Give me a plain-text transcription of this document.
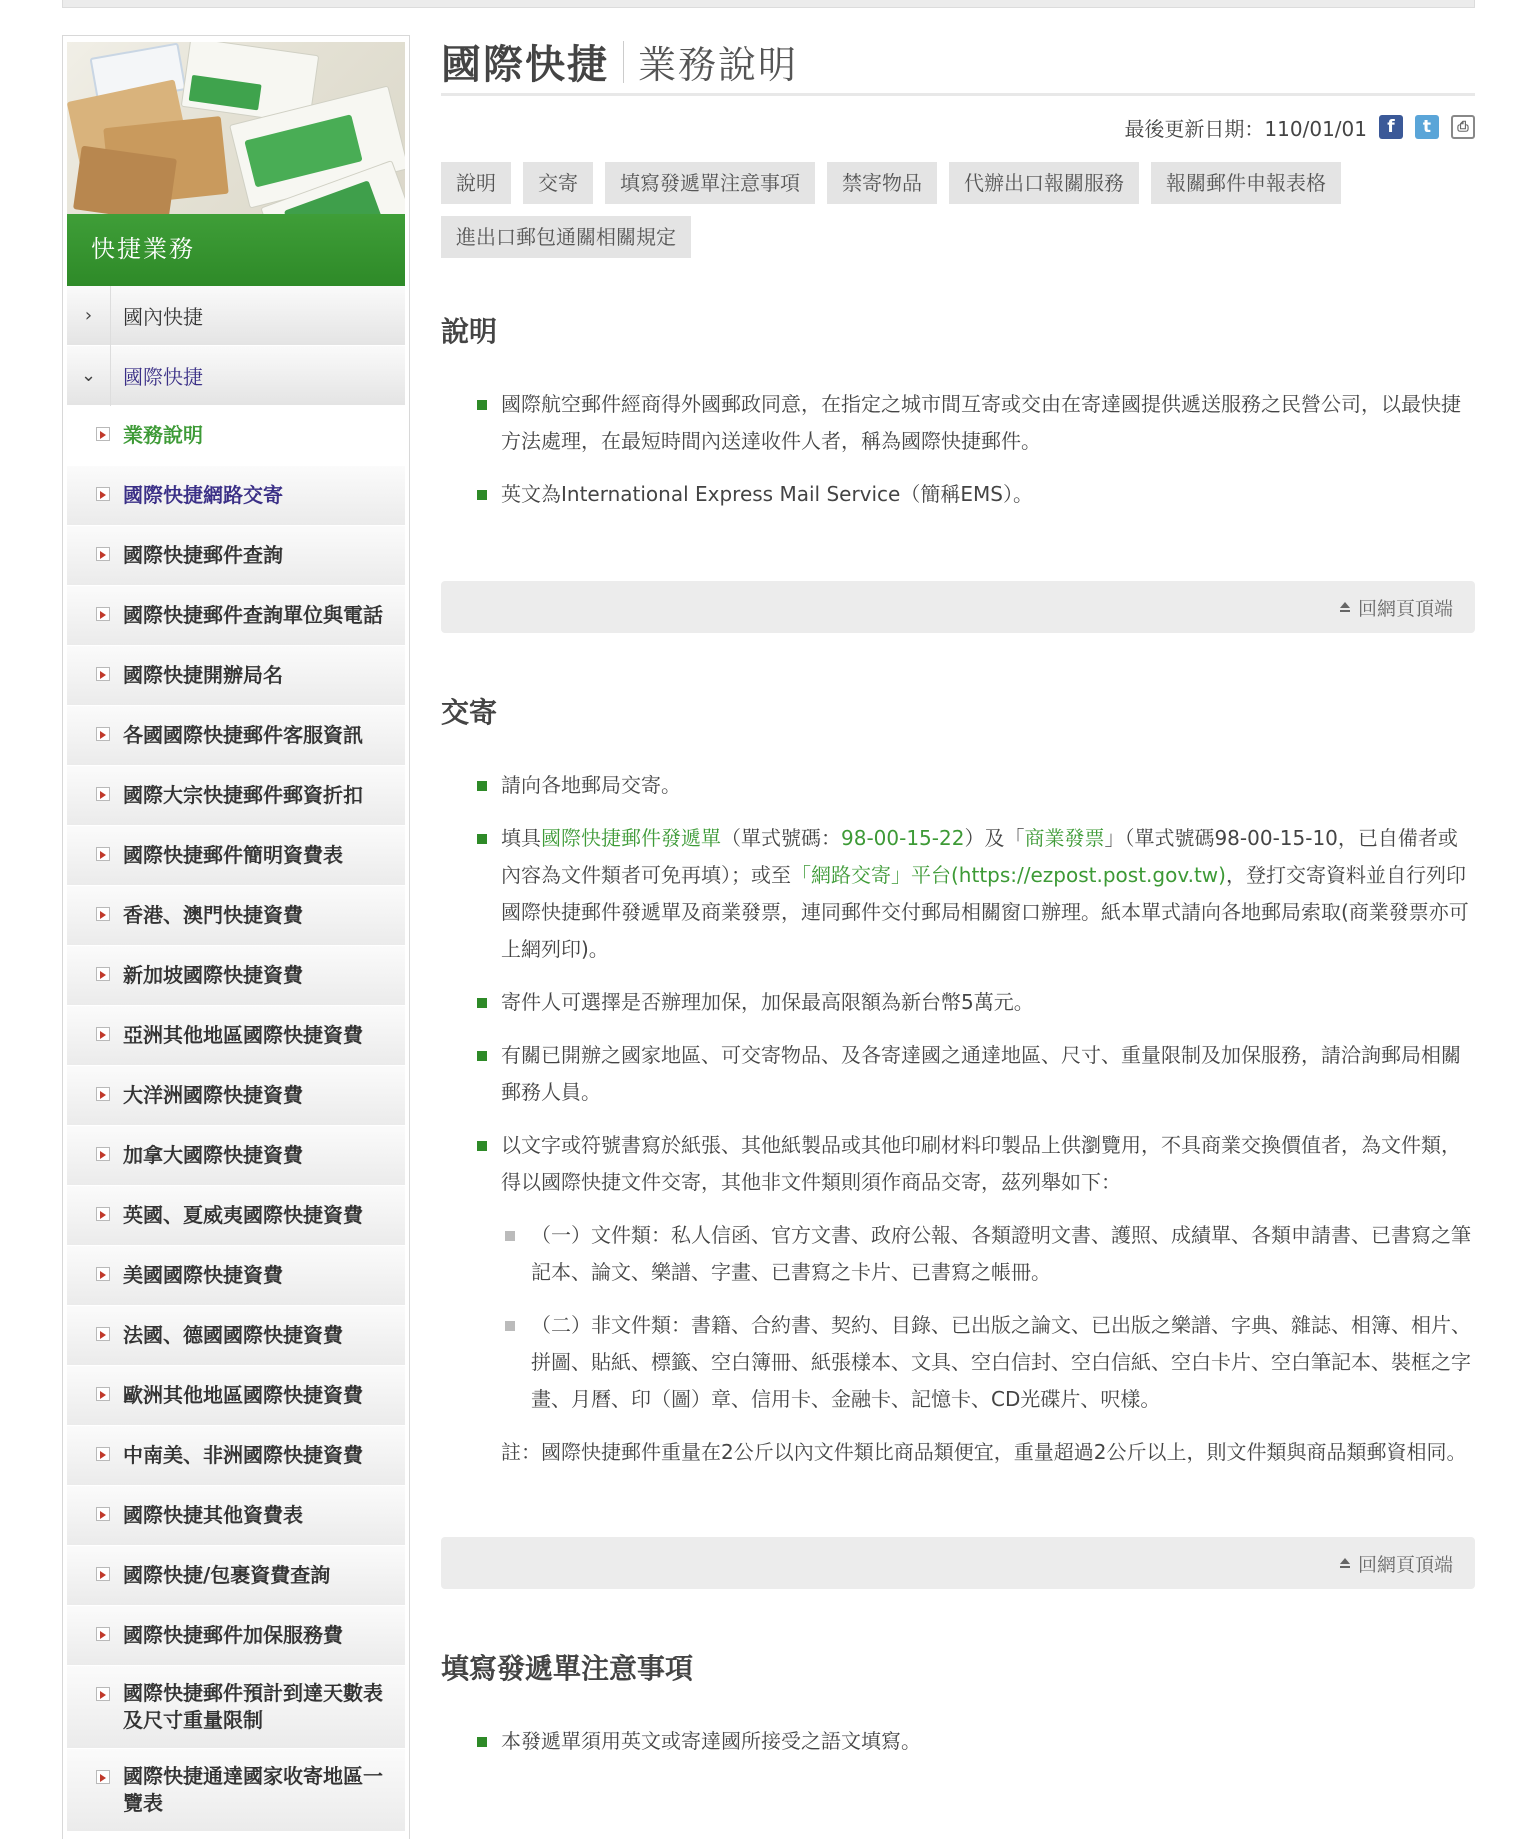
快捷業務
›	國內快捷
⌄	國際快捷
業務說明
國際快捷網路交寄
國際快捷郵件查詢
國際快捷郵件查詢單位與電話
國際快捷開辦局名
各國國際快捷郵件客服資訊
國際大宗快捷郵件郵資折扣
國際快捷郵件簡明資費表
香港、澳門快捷資費
新加坡國際快捷資費
亞洲其他地區國際快捷資費
大洋洲國際快捷資費
加拿大國際快捷資費
英國、夏威夷國際快捷資費
美國國際快捷資費
法國、德國國際快捷資費
歐洲其他地區國際快捷資費
中南美、非洲國際快捷資費
國際快捷其他資費表
國際快捷/包裹資費查詢
國際快捷郵件加保服務費
國際快捷郵件預計到達天數表及尺寸重量限制
國際快捷通達國家收寄地區一覽表
國際快捷 業務說明
最後更新日期：110/01/01	f	t	⎙
說明	交寄	填寫發遞單注意事項	禁寄物品	代辦出口報關服務	報關郵件申報表格
進出口郵包通關相關規定
說明
國際航空郵件經商得外國郵政同意，在指定之城市間互寄或交由在寄達國提供遞送服務之民營公司，以最快捷方法處理，在最短時間內送達收件人者，稱為國際快捷郵件。
英文為International Express Mail Service（簡稱EMS）。
回網頁頂端
交寄
請向各地郵局交寄。
填具國際快捷郵件發遞單（單式號碼：98-00-15-22）及「商業發票」（單式號碼98-00-15-10，已自備者或內容為文件類者可免再填）；或至「網路交寄」平台(https://ezpost.post.gov.tw)，登打交寄資料並自行列印國際快捷郵件發遞單及商業發票，連同郵件交付郵局相關窗口辦理。紙本單式請向各地郵局索取(商業發票亦可上網列印)。
寄件人可選擇是否辦理加保，加保最高限額為新台幣5萬元。
有關已開辦之國家地區、可交寄物品、及各寄達國之通達地區、尺寸、重量限制及加保服務，請洽詢郵局相關郵務人員。
以文字或符號書寫於紙張、其他紙製品或其他印刷材料印製品上供瀏覽用，不具商業交換價值者，為文件類，得以國際快捷文件交寄，其他非文件類則須作商品交寄，茲列舉如下：
（一）文件類：私人信函、官方文書、政府公報、各類證明文書、護照、成績單、各類申請書、已書寫之筆記本、論文、樂譜、字畫、已書寫之卡片、已書寫之帳冊。
（二）非文件類：書籍、合約書、契約、目錄、已出版之論文、已出版之樂譜、字典、雜誌、相簿、相片、拼圖、貼紙、標籤、空白簿冊、紙張樣本、文具、空白信封、空白信紙、空白卡片、空白筆記本、裝框之字畫、月曆、印（圖）章、信用卡、金融卡、記憶卡、CD光碟片、呎樣。

註：國際快捷郵件重量在2公斤以內文件類比商品類便宜，重量超過2公斤以上，則文件類與商品類郵資相同。

回網頁頂端
填寫發遞單注意事項
本發遞單須用英文或寄達國所接受之語文填寫。
